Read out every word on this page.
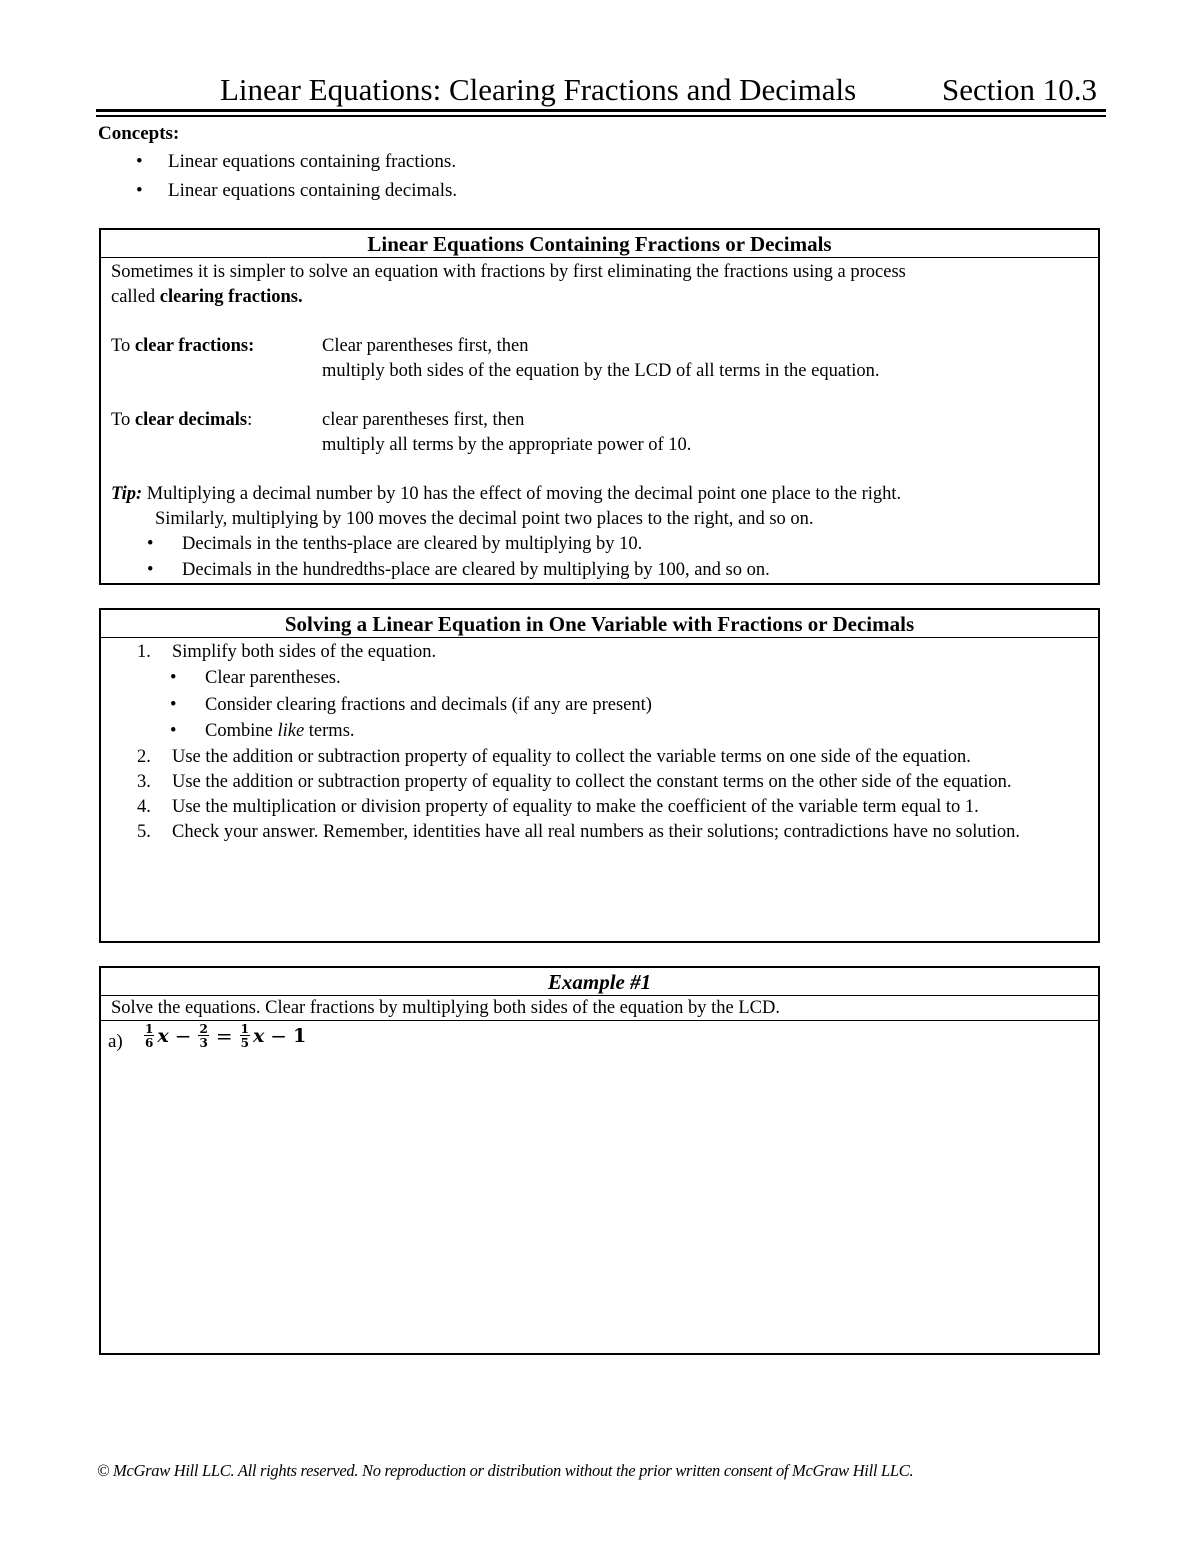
Linear Equations: Clearing Fractions and Decimals	Section 10.3
Concepts:
• Linear equations containing fractions.
• Linear equations containing decimals.
Linear Equations Containing Fractions or Decimals
Sometimes it is simpler to solve an equation with fractions by first eliminating the fractions using a process
called clearing fractions.
To clear fractions:	Clear parentheses first, then
multiply both sides of the equation by the LCD of all terms in the equation.
To clear decimals:	clear parentheses first, then
multiply all terms by the appropriate power of 10.
Tip: Multiplying a decimal number by 10 has the effect of moving the decimal point one place to the right.
Similarly, multiplying by 100 moves the decimal point two places to the right, and so on.
• Decimals in the tenths-place are cleared by multiplying by 10.
• Decimals in the hundredths-place are cleared by multiplying by 100, and so on.
Solving a Linear Equation in One Variable with Fractions or Decimals
1. Simplify both sides of the equation.
• Clear parentheses.
• Consider clearing fractions and decimals (if any are present)
• Combine like terms.
2. Use the addition or subtraction property of equality to collect the variable terms on one side of the equation.
3. Use the addition or subtraction property of equality to collect the constant terms on the other side of the equation.
4. Use the multiplication or division property of equality to make the coefficient of the variable term equal to 1.
5. Check your answer. Remember, identities have all real numbers as their solutions; contradictions have no solution.
Example #1
Solve the equations. Clear fractions by multiplying both sides of the equation by the LCD.
$a) \frac{1}{6}$ $x - \frac{2}{3} = \frac{1}{5}$ x − 1
© McGraw Hill LLC. All rights reserved. No reproduction or distribution without the prior written consent of McGraw Hill LLC.
